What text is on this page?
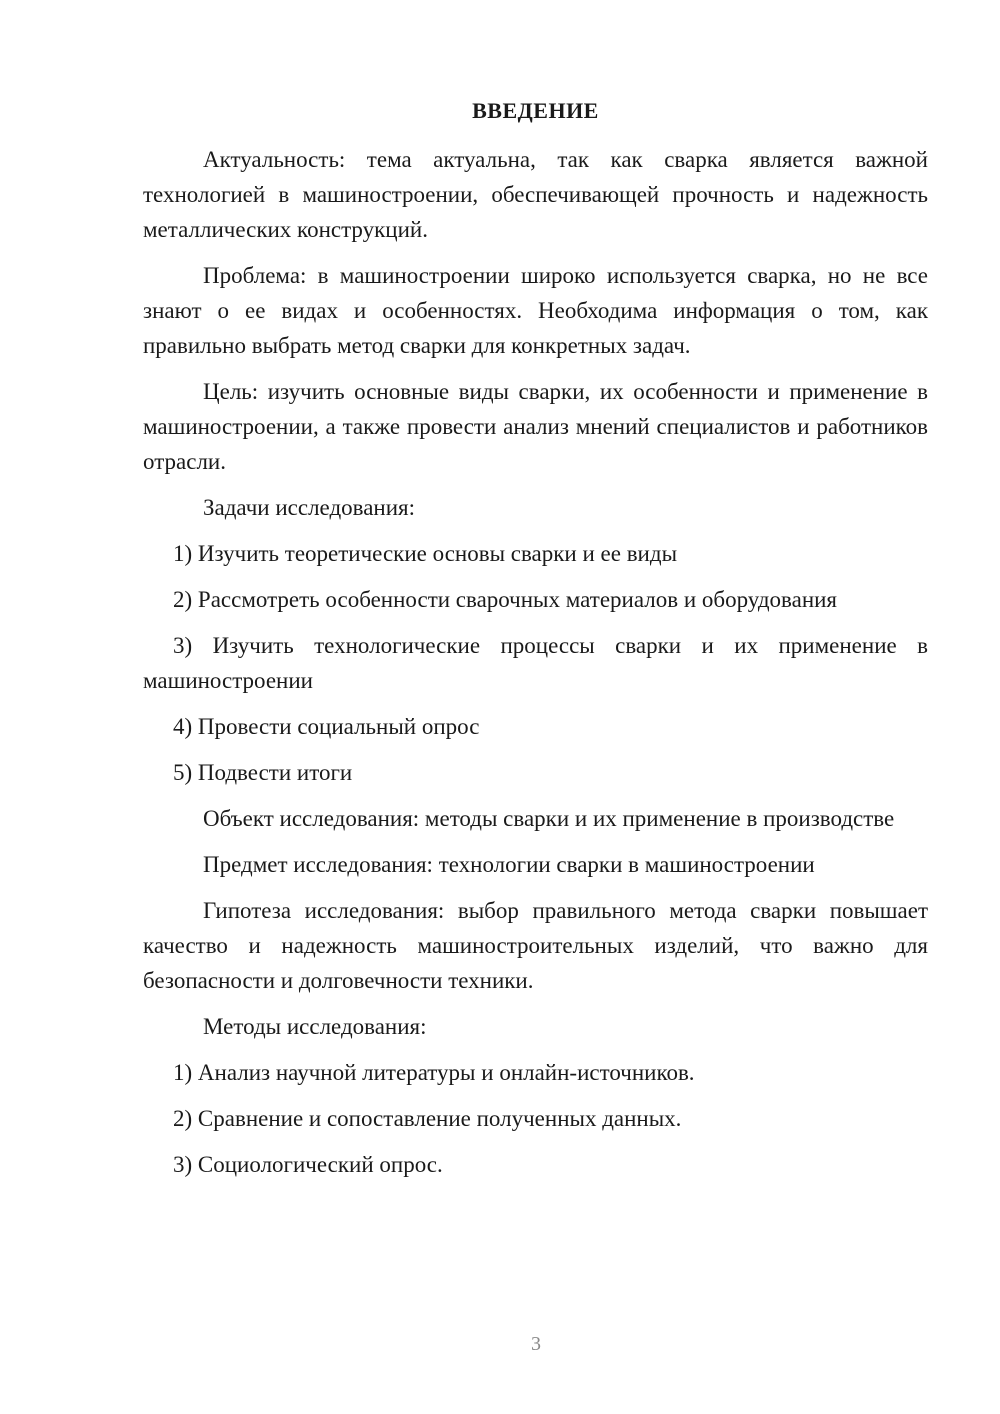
ВВЕДЕНИЕ

Актуальность: тема актуальна, так как сварка является важной технологией в машиностроении, обеспечивающей прочность и надежность металлических конструкций.

Проблема: в машиностроении широко используется сварка, но не все знают о ее видах и особенностях. Необходима информация о том, как правильно выбрать метод сварки для конкретных задач.

Цель: изучить основные виды сварки, их особенности и применение в машиностроении, а также провести анализ мнений специалистов и работников отрасли.

Задачи исследования:

1) Изучить теоретические основы сварки и ее виды

2) Рассмотреть особенности сварочных материалов и оборудования

3) Изучить технологические процессы сварки и их применение в машиностроении

4) Провести социальный опрос

5) Подвести итоги

Объект исследования: методы сварки и их применение в производстве

Предмет исследования: технологии сварки в машиностроении

Гипотеза исследования: выбор правильного метода сварки повышает качество и надежность машиностроительных изделий, что важно для безопасности и долговечности техники.

Методы исследования:

1) Анализ научной литературы и онлайн-источников.

2) Сравнение и сопоставление полученных данных.

3) Социологический опрос.

3
